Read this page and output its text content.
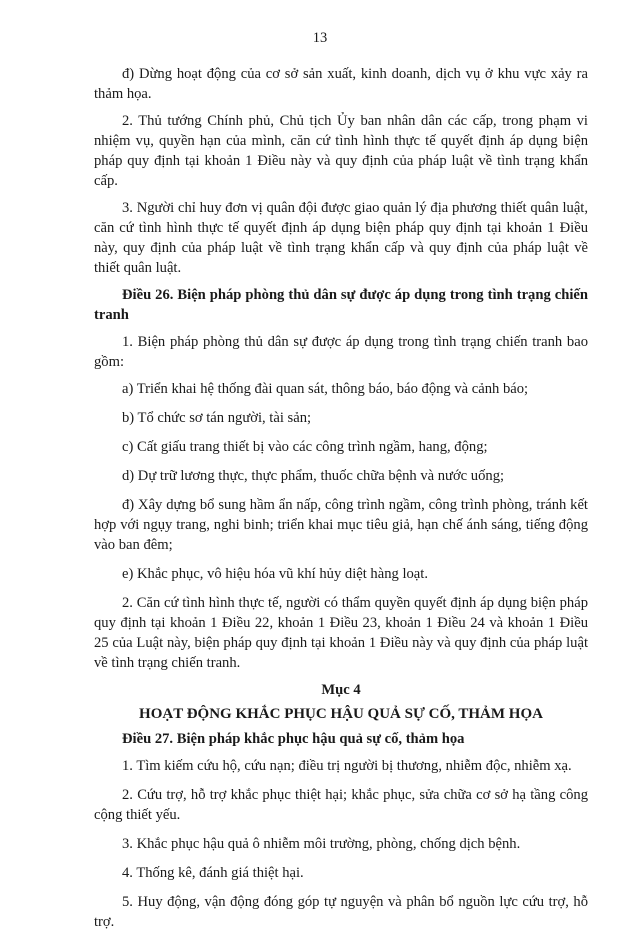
13

đ) Dừng hoạt động của cơ sở sản xuất, kinh doanh, dịch vụ ở khu vực xảy ra thảm họa.

2. Thủ tướng Chính phủ, Chủ tịch Ủy ban nhân dân các cấp, trong phạm vi nhiệm vụ, quyền hạn của mình, căn cứ tình hình thực tế quyết định áp dụng biện pháp quy định tại khoản 1 Điều này và quy định của pháp luật về tình trạng khẩn cấp.

3. Người chỉ huy đơn vị quân đội được giao quản lý địa phương thiết quân luật, căn cứ tình hình thực tế quyết định áp dụng biện pháp quy định tại khoản 1 Điều này, quy định của pháp luật về tình trạng khẩn cấp và quy định của pháp luật về thiết quân luật.

Điều 26. Biện pháp phòng thủ dân sự được áp dụng trong tình trạng chiến tranh

1. Biện pháp phòng thủ dân sự được áp dụng trong tình trạng chiến tranh bao gồm:

a) Triển khai hệ thống đài quan sát, thông báo, báo động và cảnh báo;

b) Tổ chức sơ tán người, tài sản;

c) Cất giấu trang thiết bị vào các công trình ngầm, hang, động;

d) Dự trữ lương thực, thực phẩm, thuốc chữa bệnh và nước uống;

đ) Xây dựng bổ sung hầm ẩn nấp, công trình ngầm, công trình phòng, tránh kết hợp với ngụy trang, nghi binh; triển khai mục tiêu giả, hạn chế ánh sáng, tiếng động vào ban đêm;

e) Khắc phục, vô hiệu hóa vũ khí hủy diệt hàng loạt.

2. Căn cứ tình hình thực tế, người có thẩm quyền quyết định áp dụng biện pháp quy định tại khoản 1 Điều 22, khoản 1 Điều 23, khoản 1 Điều 24 và khoản 1 Điều 25 của Luật này, biện pháp quy định tại khoản 1 Điều này và quy định của pháp luật về tình trạng chiến tranh.

Mục 4

HOẠT ĐỘNG KHẮC PHỤC HẬU QUẢ SỰ CỐ, THẢM HỌA

Điều 27. Biện pháp khắc phục hậu quả sự cố, thảm họa

1. Tìm kiếm cứu hộ, cứu nạn; điều trị người bị thương, nhiễm độc, nhiễm xạ.

2. Cứu trợ, hỗ trợ khắc phục thiệt hại; khắc phục, sửa chữa cơ sở hạ tầng công cộng thiết yếu.

3. Khắc phục hậu quả ô nhiễm môi trường, phòng, chống dịch bệnh.

4. Thống kê, đánh giá thiệt hại.

5. Huy động, vận động đóng góp tự nguyện và phân bổ nguồn lực cứu trợ, hỗ trợ.
